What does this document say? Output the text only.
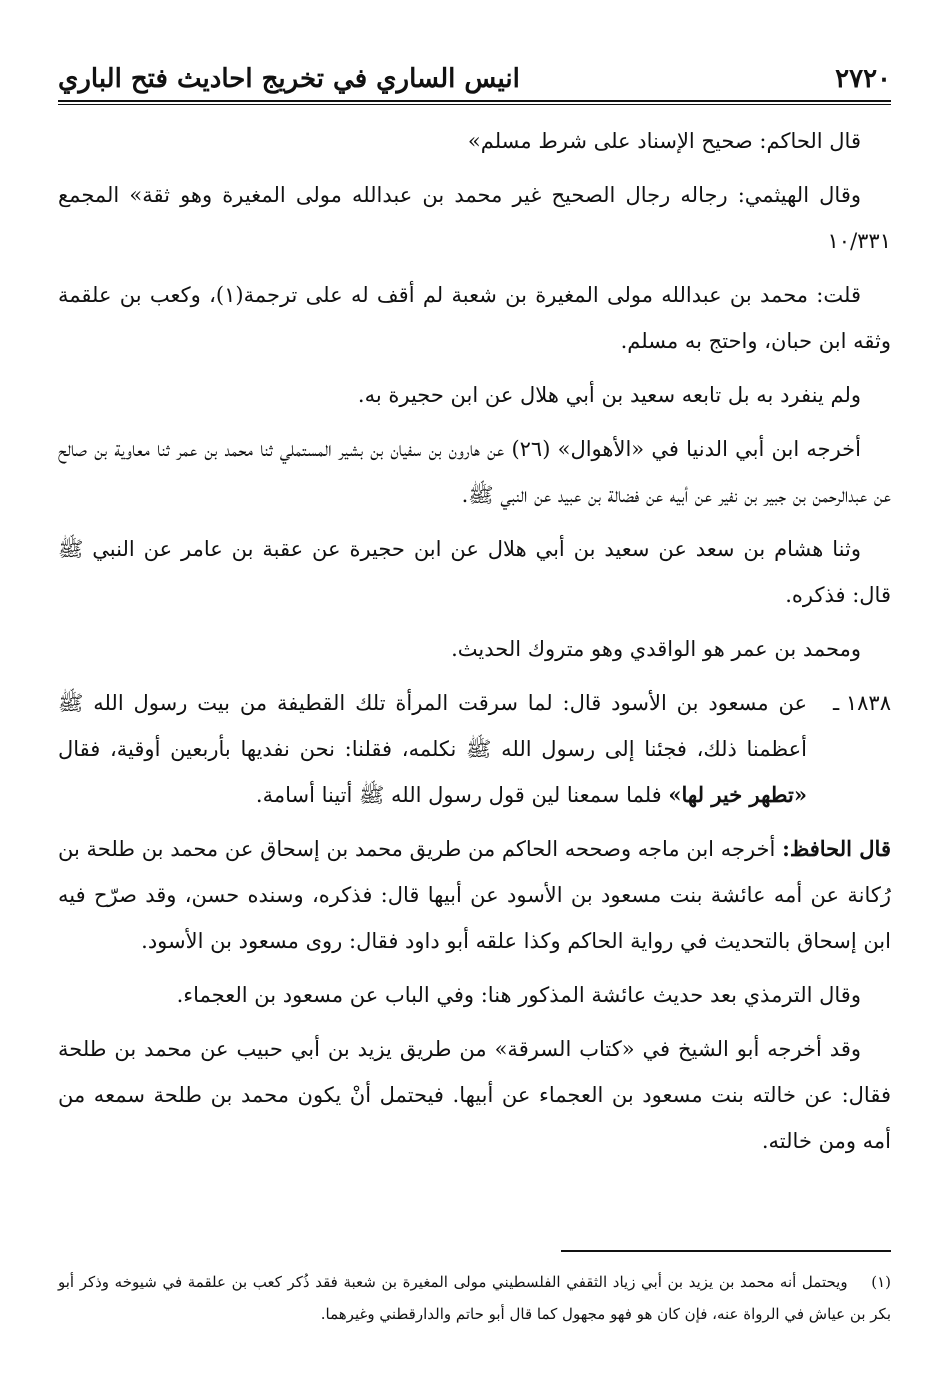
٢٧٢٠
انيس الساري في تخريج احاديث فتح الباري

قال الحاكم: صحيح الإسناد على شرط مسلم»

وقال الهيثمي: رجاله رجال الصحيح غير محمد بن عبدالله مولى المغيرة وهو ثقة» المجمع ١٠/٣٣١

قلت: محمد بن عبدالله مولى المغيرة بن شعبة لم أقف له على ترجمة(١)، وكعب بن علقمة وثقه ابن حبان، واحتج به مسلم.

ولم ينفرد به بل تابعه سعيد بن أبي هلال عن ابن حجيرة به.

أخرجه ابن أبي الدنيا في «الأهوال» (٢٦) عن هارون بن سفيان بن بشير المستملي ثنا محمد بن عمر ثنا معاوية بن صالح عن عبدالرحمن بن جبير بن نفير عن أبيه عن فضالة بن عبيد عن النبي ﷺ.

وثنا هشام بن سعد عن سعيد بن أبي هلال عن ابن حجيرة عن عقبة بن عامر عن النبي ﷺ قال: فذكره.

ومحمد بن عمر هو الواقدي وهو متروك الحديث.

١٨٣٨ ـ
عن مسعود بن الأسود قال: لما سرقت المرأة تلك القطيفة من بيت رسول الله ﷺ أعظمنا ذلك، فجئنا إلى رسول الله ﷺ نكلمه، فقلنا: نحن نفديها بأربعين أوقية، فقال «تطهر خير لها» فلما سمعنا لين قول رسول الله ﷺ أتينا أسامة.

قال الحافظ: أخرجه ابن ماجه وصححه الحاكم من طريق محمد بن إسحاق عن محمد بن طلحة بن رُكانة عن أمه عائشة بنت مسعود بن الأسود عن أبيها قال: فذكره، وسنده حسن، وقد صرّح فيه ابن إسحاق بالتحديث في رواية الحاكم وكذا علقه أبو داود فقال: روى مسعود بن الأسود.

وقال الترمذي بعد حديث عائشة المذكور هنا: وفي الباب عن مسعود بن العجماء.

وقد أخرجه أبو الشيخ في «كتاب السرقة» من طريق يزيد بن أبي حبيب عن محمد بن طلحة فقال: عن خالته بنت مسعود بن العجماء عن أبيها. فيحتمل أنْ يكون محمد بن طلحة سمعه من أمه ومن خالته.

(١) ويحتمل أنه محمد بن يزيد بن أبي زياد الثقفي الفلسطيني مولى المغيرة بن شعبة فقد ذُكر كعب بن علقمة في شيوخه وذكر أبو بكر بن عياش في الرواة عنه، فإن كان هو فهو مجهول كما قال أبو حاتم والدارقطني وغيرهما.
